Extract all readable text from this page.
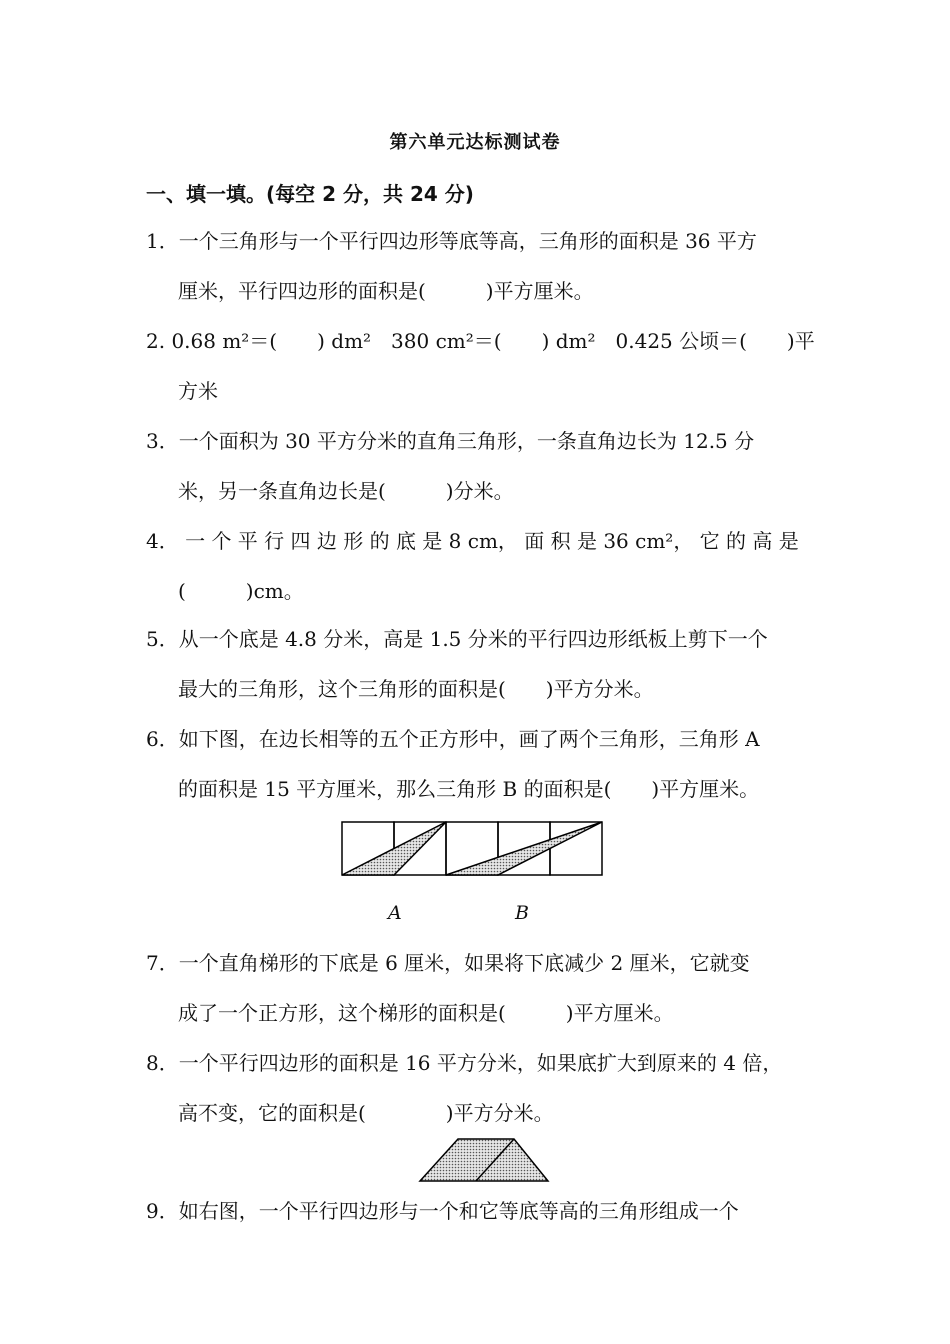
第六单元达标测试卷
一、填一填。(每空 2 分，共 24 分)
1．一个三角形与一个平行四边形等底等高，三角形的面积是 36 平方
厘米，平行四边形的面积是(　　　)平方厘米。
2. 0.68 m²＝(　　) dm²　380 cm²＝(　　) dm²　0.425 公顷＝(　　)平
方米
3．一个面积为 30 平方分米的直角三角形，一条直角边长为 12.5 分
米，另一条直角边长是(　　　)分米。
4． 一 个 平 行 四 边 形 的 底 是 8 cm， 面 积 是 36 cm²， 它 的 高 是
(　　　)cm。
5．从一个底是 4.8 分米，高是 1.5 分米的平行四边形纸板上剪下一个
最大的三角形，这个三角形的面积是(　　)平方分米。
6．如下图，在边长相等的五个正方形中，画了两个三角形，三角形 A
的面积是 15 平方厘米，那么三角形 B 的面积是(　　)平方厘米。
A	B
7．一个直角梯形的下底是 6 厘米，如果将下底减少 2 厘米，它就变
成了一个正方形，这个梯形的面积是(　　　)平方厘米。
8．一个平行四边形的面积是 16 平方分米，如果底扩大到原来的 4 倍，
高不变，它的面积是(　　　　)平方分米。
9．如右图，一个平行四边形与一个和它等底等高的三角形组成一个
